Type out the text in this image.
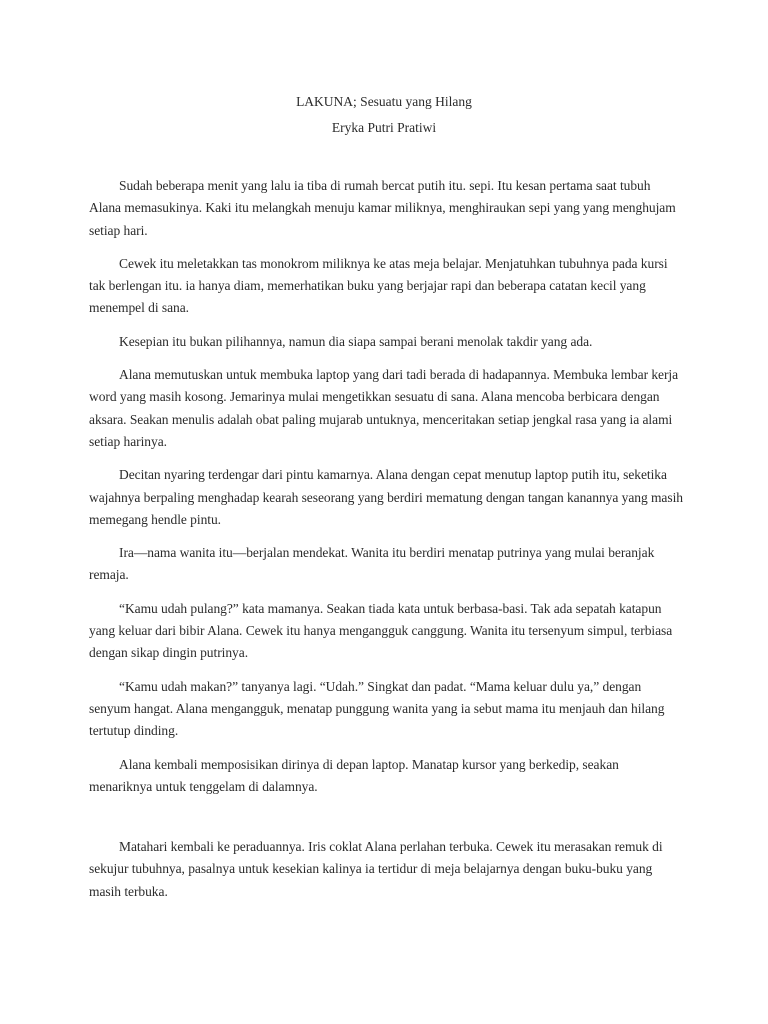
LAKUNA; Sesuatu yang Hilang
Eryka Putri Pratiwi

Sudah beberapa menit yang lalu ia tiba di rumah bercat putih itu. sepi. Itu kesan pertama saat tubuh Alana memasukinya. Kaki itu melangkah menuju kamar miliknya, menghiraukan sepi yang yang menghujam setiap hari.

Cewek itu meletakkan tas monokrom miliknya ke atas meja belajar. Menjatuhkan tubuhnya pada kursi tak berlengan itu. ia hanya diam, memerhatikan buku yang berjajar rapi dan beberapa catatan kecil yang menempel di sana.

Kesepian itu bukan pilihannya, namun dia siapa sampai berani menolak takdir yang ada.

Alana memutuskan untuk membuka laptop yang dari tadi berada di hadapannya. Membuka lembar kerja word yang masih kosong. Jemarinya mulai mengetikkan sesuatu di sana. Alana mencoba berbicara dengan aksara. Seakan menulis adalah obat paling mujarab untuknya, menceritakan setiap jengkal rasa yang ia alami setiap harinya.

Decitan nyaring terdengar dari pintu kamarnya. Alana dengan cepat menutup laptop putih itu, seketika wajahnya berpaling menghadap kearah seseorang yang berdiri mematung dengan tangan kanannya yang masih memegang hendle pintu.

Ira—nama wanita itu—berjalan mendekat. Wanita itu berdiri menatap putrinya yang mulai beranjak remaja.

“Kamu udah pulang?” kata mamanya. Seakan tiada kata untuk berbasa-basi. Tak ada sepatah katapun yang keluar dari bibir Alana. Cewek itu hanya mengangguk canggung. Wanita itu tersenyum simpul, terbiasa dengan sikap dingin putrinya.

“Kamu udah makan?” tanyanya lagi. “Udah.” Singkat dan padat. “Mama keluar dulu ya,” dengan senyum hangat. Alana mengangguk, menatap punggung wanita yang ia sebut mama itu menjauh dan hilang tertutup dinding.

Alana kembali memposisikan dirinya di depan laptop. Manatap kursor yang berkedip, seakan menariknya untuk tenggelam di dalamnya.

Matahari kembali ke peraduannya. Iris coklat Alana perlahan terbuka. Cewek itu merasakan remuk di sekujur tubuhnya, pasalnya untuk kesekian kalinya ia tertidur di meja belajarnya dengan buku-buku yang masih terbuka.
